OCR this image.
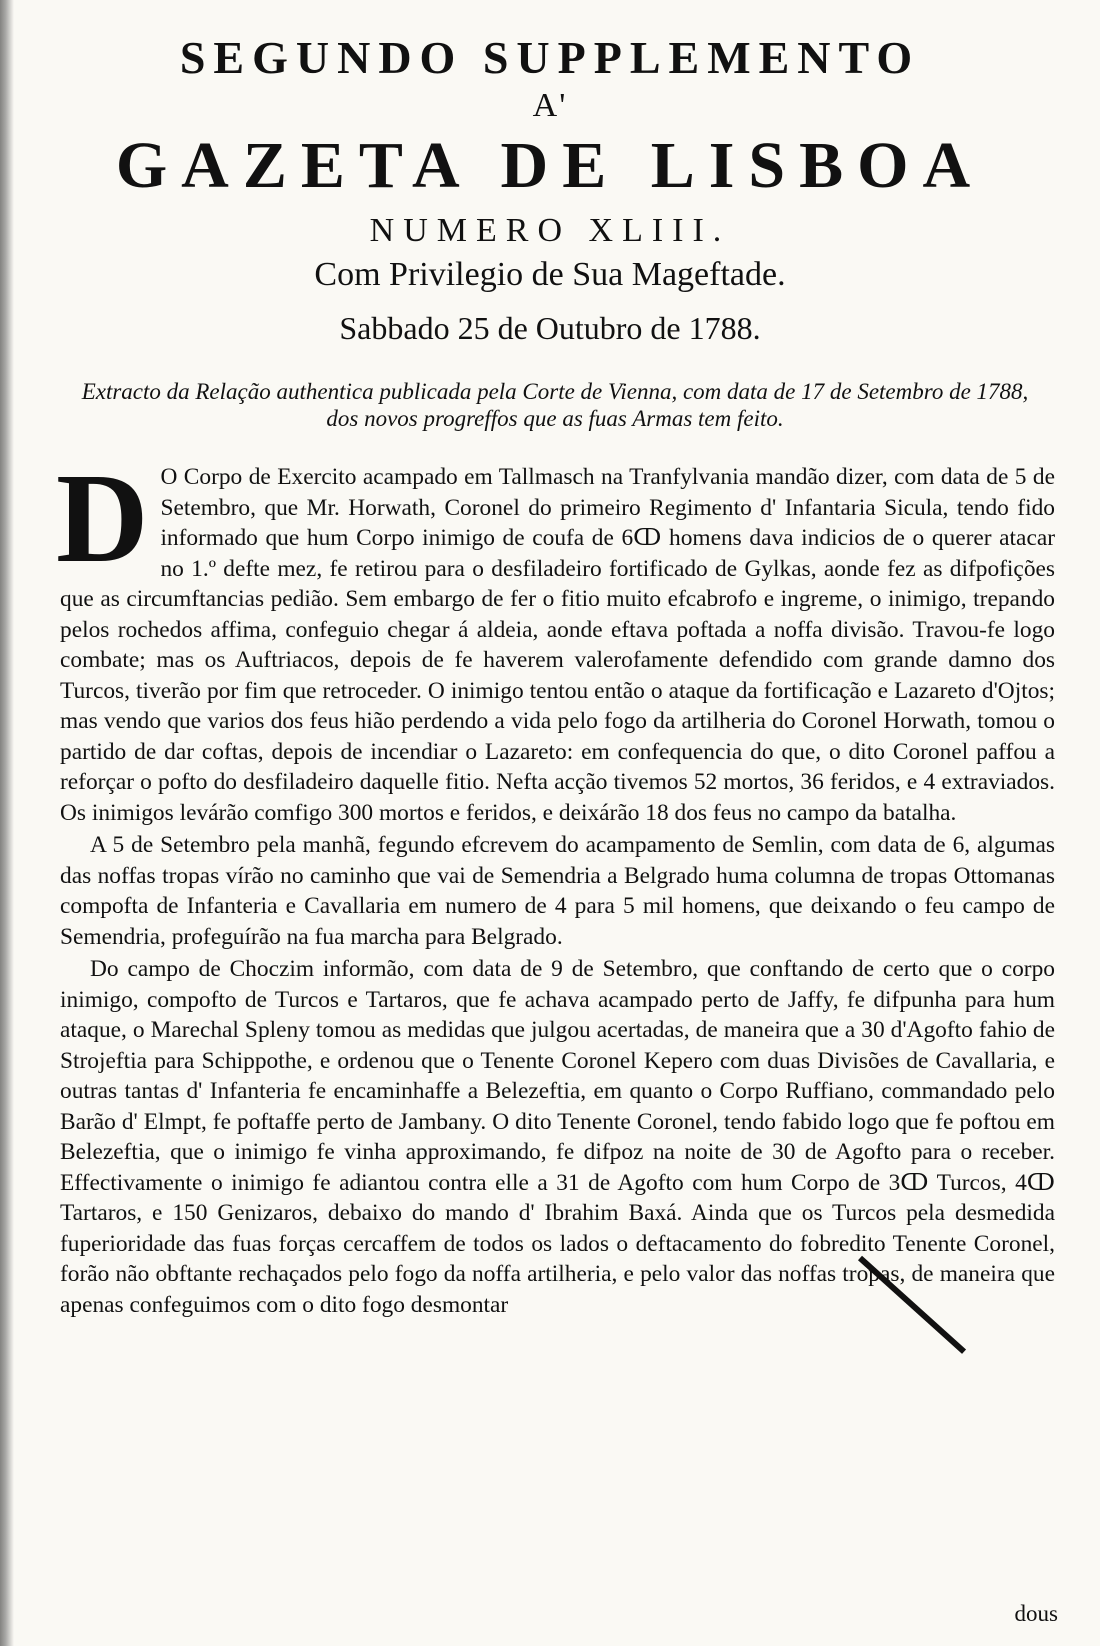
SEGUNDO SUPPLEMENTO

A'

GAZETA DE LISBOA

NUMERO XLIII.

Com Privilegio de Sua Mageftade.

Sabbado 25 de Outubro de 1788.

Extracto da Relação authentica publicada pela Corte de Vienna, com data de 17 de Setembro de 1788, dos novos progreffos que as fuas Armas tem feito.

D O Corpo de Exercito acampado em Tallmasch na Tranfylvania mandão dizer, com data de 5 de Setembro, que Mr. Horwath, Coronel do primeiro Regimento d' Infantaria Sicula, tendo fido informado que hum Corpo inimigo de coufa de 6ↀ homens dava indicios de o querer atacar no 1.º defte mez, fe retirou para o desfiladeiro fortificado de Gylkas, aonde fez as difpofições que as circumftancias pedião. Sem embargo de fer o fitio muito efcabrofo e ingreme, o inimigo, trepando pelos rochedos affima, confeguio chegar á aldeia, aonde eftava poftada a noffa divisão. Travou-fe logo combate; mas os Auftriacos, depois de fe haverem valerofamente defendido com grande damno dos Turcos, tiverão por fim que retroceder. O inimigo tentou então o ataque da fortificação e Lazareto d'Ojtos; mas vendo que varios dos feus hião perdendo a vida pelo fogo da artilheria do Coronel Horwath, tomou o partido de dar coftas, depois de incendiar o Lazareto: em confequencia do que, o dito Coronel paffou a reforçar o pofto do desfiladeiro daquelle fitio. Nefta acção tivemos 52 mortos, 36 feridos, e 4 extraviados. Os inimigos levárão comfigo 300 mortos e feridos, e deixárão 18 dos feus no campo da batalha.

A 5 de Setembro pela manhã, fegundo efcrevem do acampamento de Semlin, com data de 6, algumas das noffas tropas vírão no caminho que vai de Semendria a Belgrado huma columna de tropas Ottomanas compofta de Infanteria e Cavallaria em numero de 4 para 5 mil homens, que deixando o feu campo de Semendria, profeguírão na fua marcha para Belgrado.

Do campo de Choczim informão, com data de 9 de Setembro, que conftando de certo que o corpo inimigo, compofto de Turcos e Tartaros, que fe achava acampado perto de Jaffy, fe difpunha para hum ataque, o Marechal Spleny tomou as medidas que julgou acertadas, de maneira que a 30 d'Agofto fahio de Strojeftia para Schippothe, e ordenou que o Tenente Coronel Kepero com duas Divisões de Cavallaria, e outras tantas d' Infanteria fe encaminhaffe a Belezeftia, em quanto o Corpo Ruffiano, commandado pelo Barão d' Elmpt, fe poftaffe perto de Jambany. O dito Tenente Coronel, tendo fabido logo que fe poftou em Belezeftia, que o inimigo fe vinha approximando, fe difpoz na noite de 30 de Agofto para o receber. Effectivamente o inimigo fe adiantou contra elle a 31 de Agofto com hum Corpo de 3ↀ Turcos, 4ↀ Tartaros, e 150 Genizaros, debaixo do mando d' Ibrahim Baxá. Ainda que os Turcos pela desmedida fuperioridade das fuas forças cercaffem de todos os lados o deftacamento do fobredito Tenente Coronel, forão não obftante rechaçados pelo fogo da noffa artilheria, e pelo valor das noffas tropas, de maneira que apenas confeguimos com o dito fogo desmontar

dous
